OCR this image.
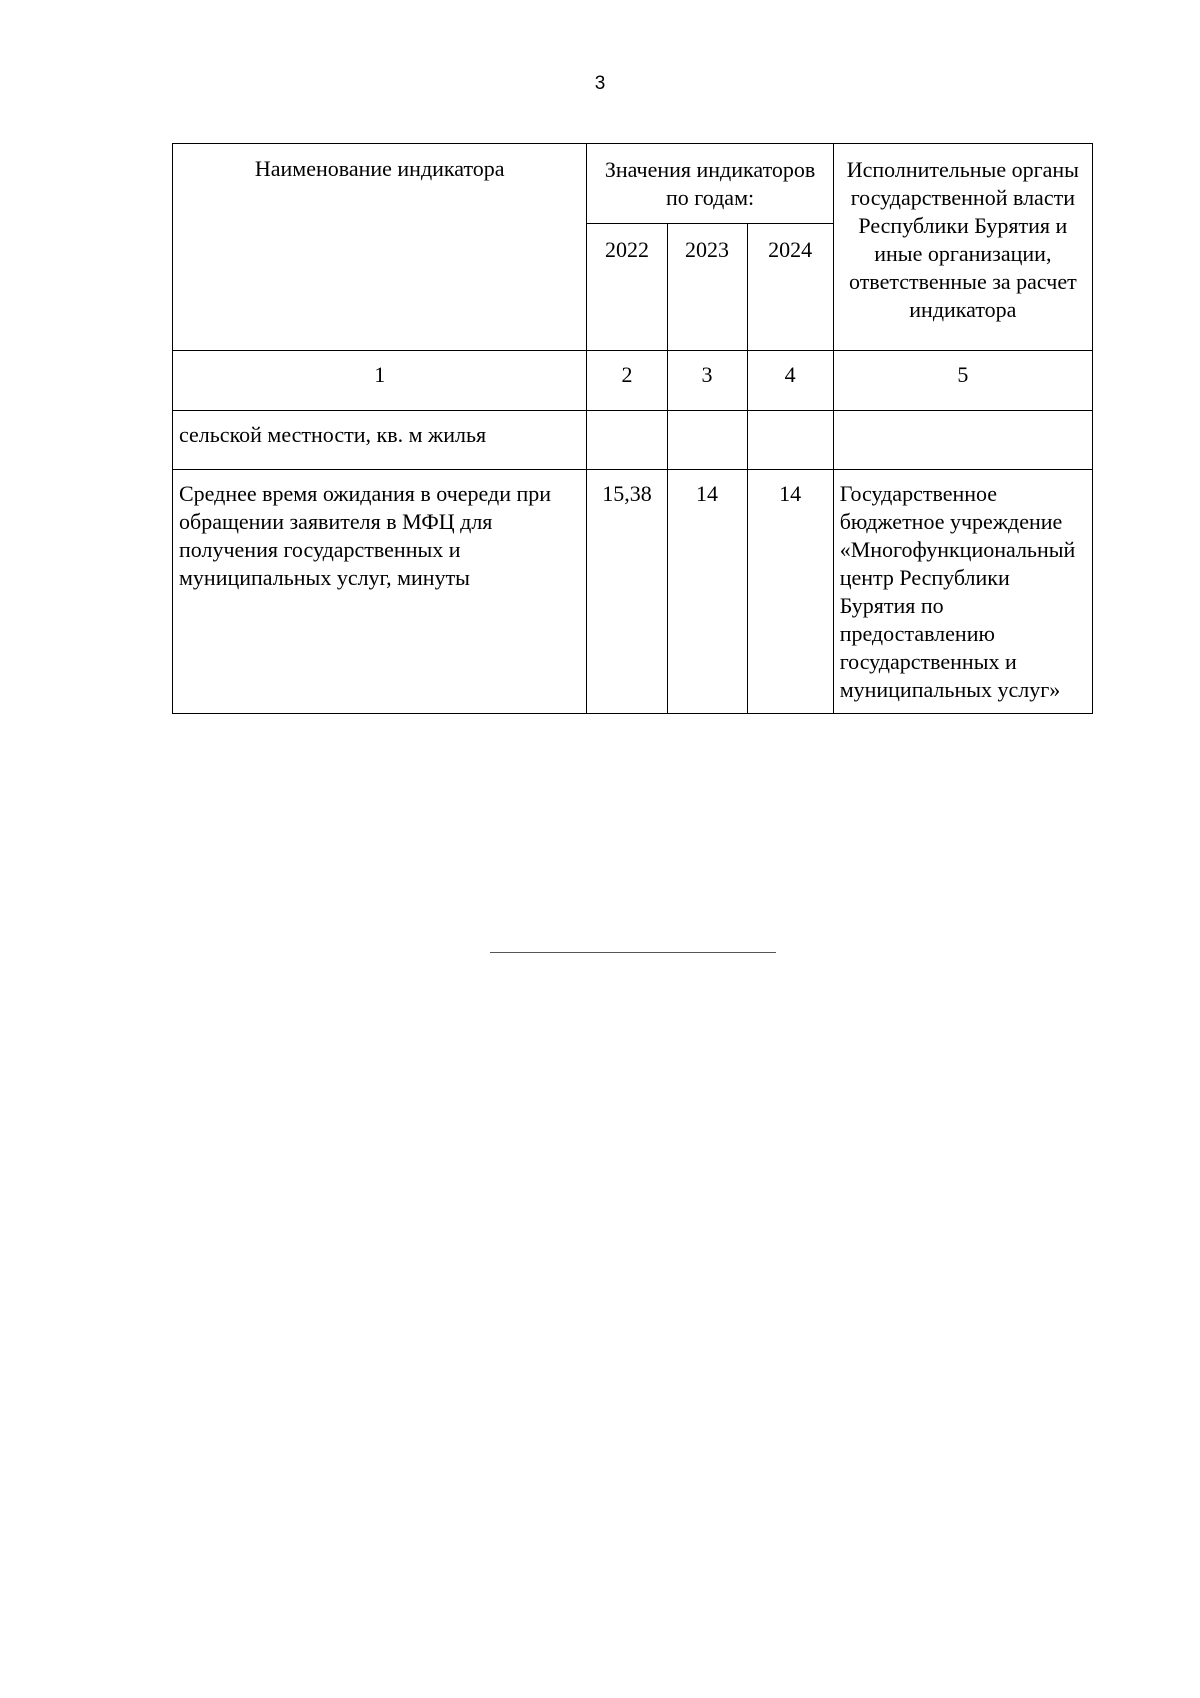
3
Наименование индикатора	Значения индикаторов по годам:			Исполнительные органы государственной власти Республики Бурятия и иные организации, ответственные за расчет индикатора
	2022	2023	2024	
1	2	3	4	5
сельской местности, кв. м жилья				
Среднее время ожидания в очереди при обращении заявителя в МФЦ для получения государственных и муниципальных услуг, минуты	15,38	14	14	Государственное бюджетное учреждение «Многофункциональный центр Республики Бурятия по предоставлению государственных и муниципальных услуг»
